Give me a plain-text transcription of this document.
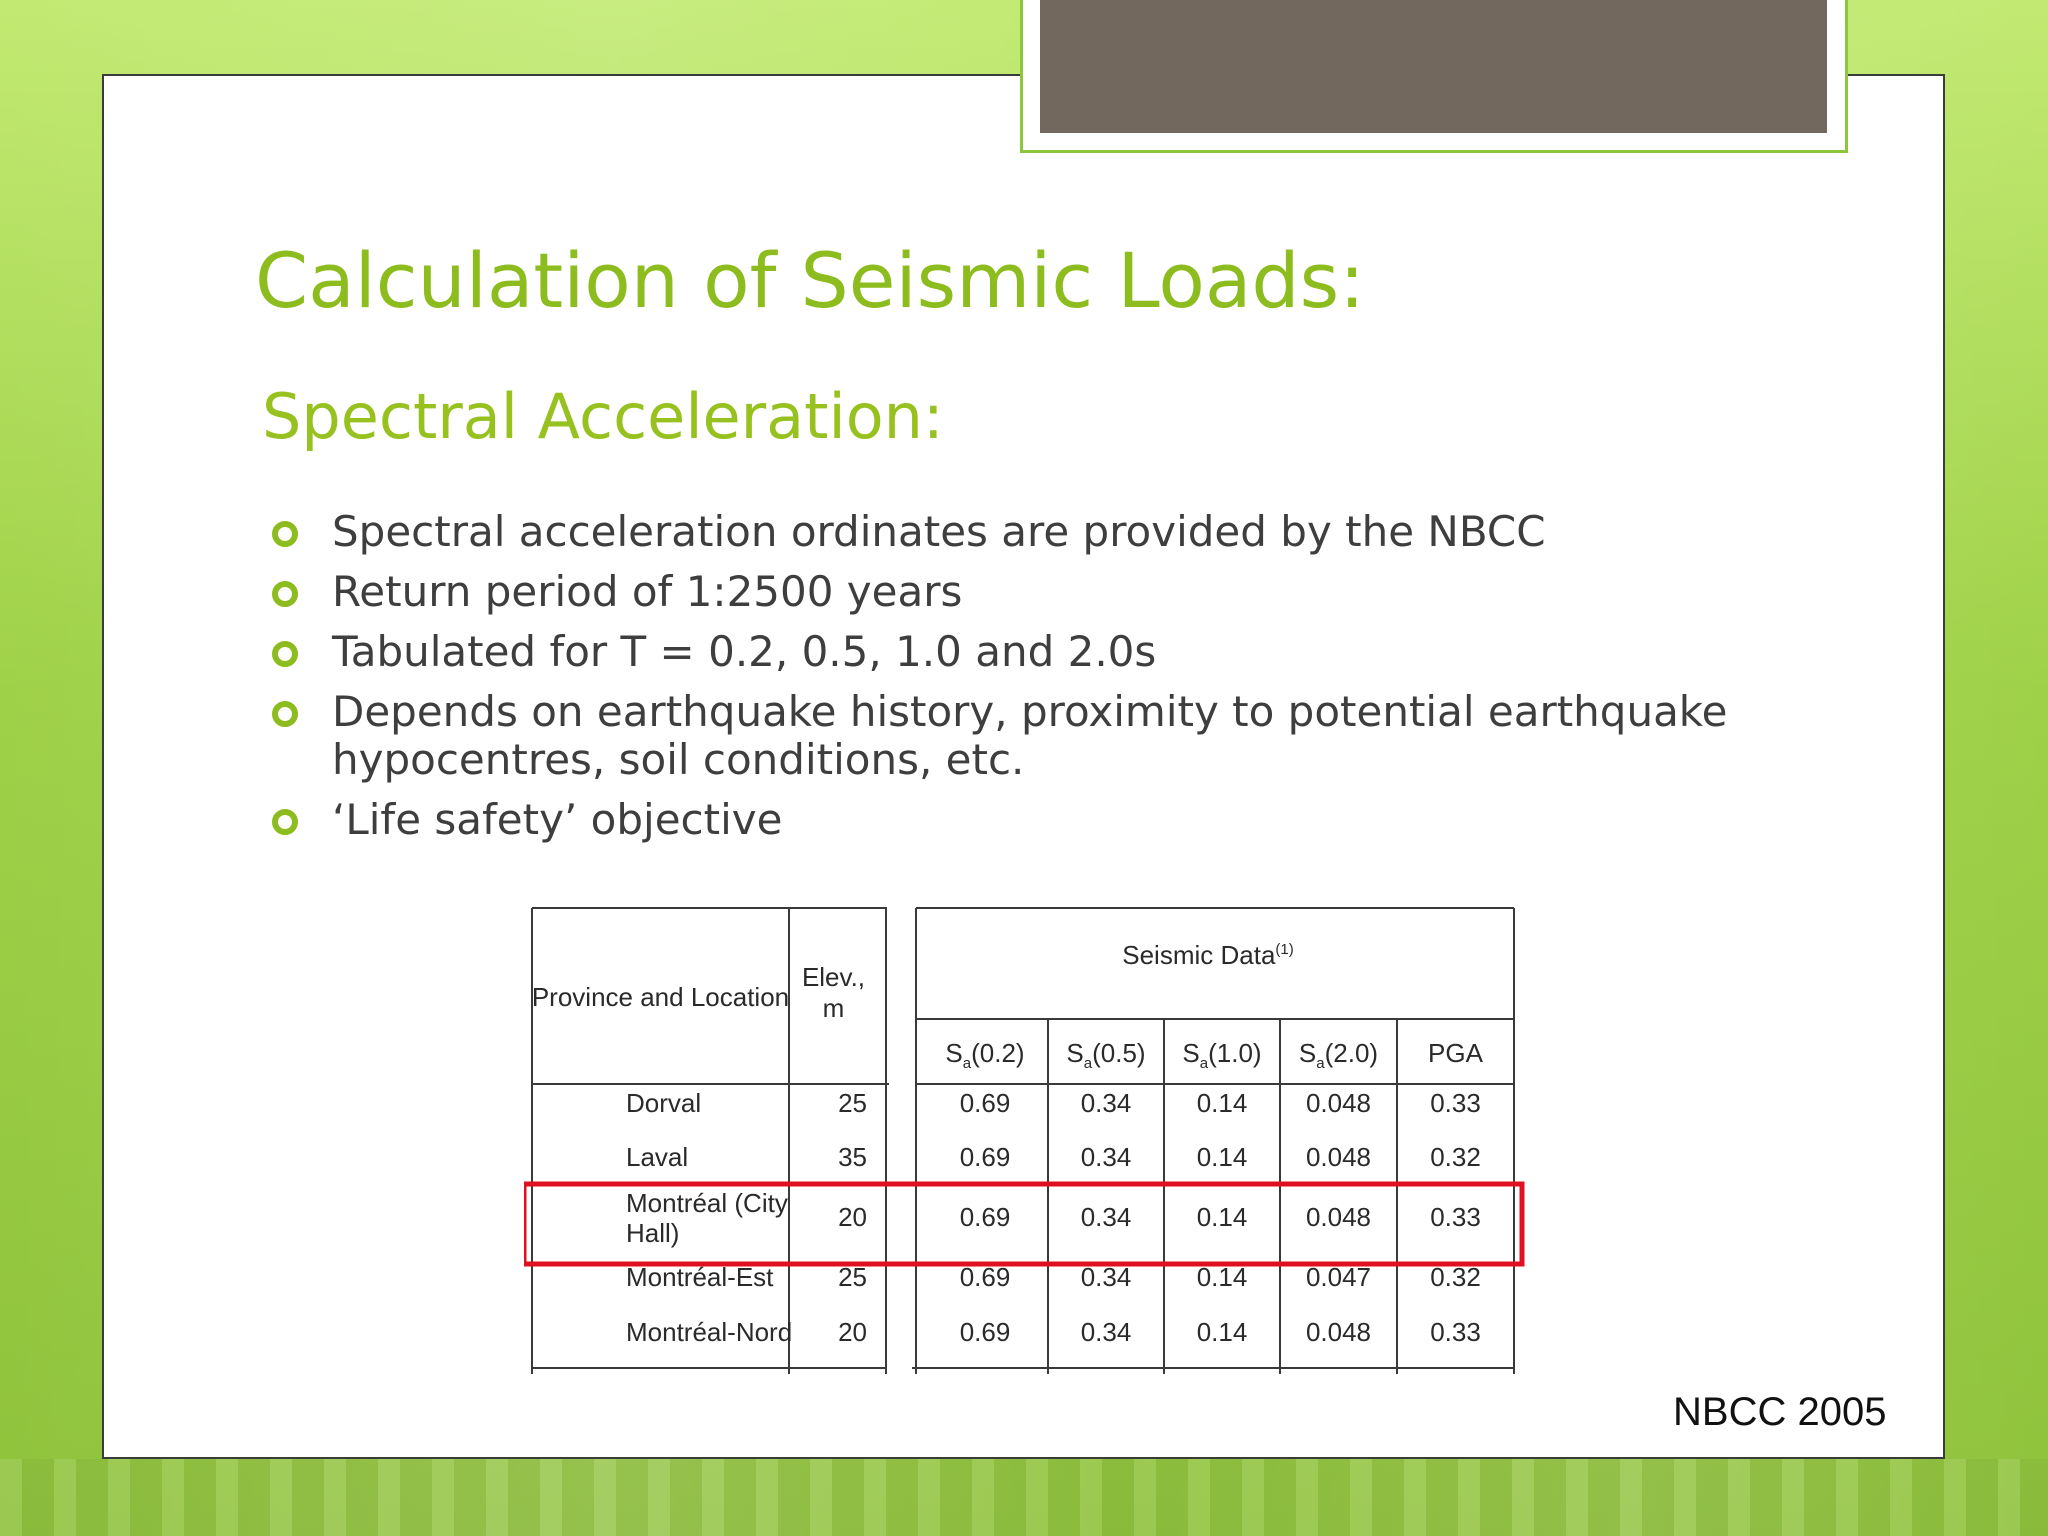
Calculation of Seismic Loads:
Spectral Acceleration:
Spectral acceleration ordinates are provided by the NBCC
Return period of 1:2500 years
Tabulated for T = 0.2, 0.5, 1.0 and 2.0s
Depends on earthquake history, proximity to potential earthquake hypocentres, soil conditions, etc.
‘Life safety’ objective
Province and Location
Elev.,
m
Seismic Data$^{(1)}$
$S_a(0.2)$ $S_a(0.5)$ $S_a(1.0)$ $S_a(2.0)$ PGA
Dorval	25	0.69	0.34	0.14 0.048 0.33
Laval	35	0.69	0.34	0.14 0.048 0.32
Montréal (City
Hall)
20	0.69	0.34	0.14 0.048 0.33
Montréal-Est 25	0.69	0.34	0.14 0.047 0.32
Montréal-Nord 20	0.69	0.34	0.14 0.048 0.33
NBCC 2005
